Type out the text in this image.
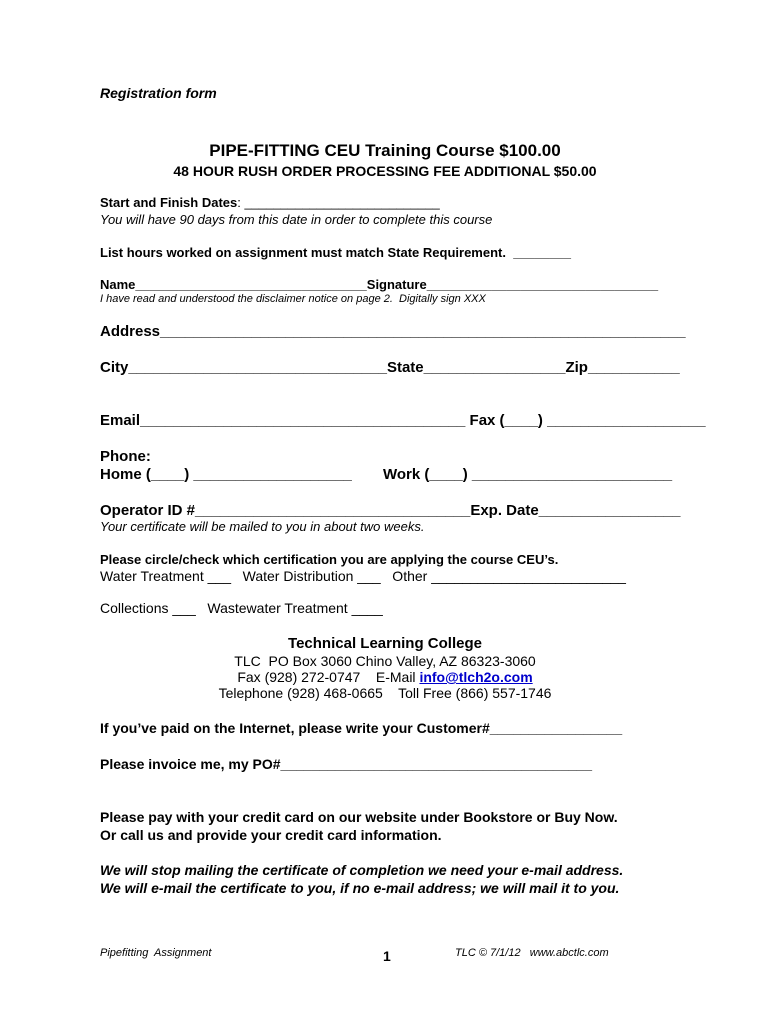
Registration form
PIPE-FITTING CEU Training Course $100.00
48 HOUR RUSH ORDER PROCESSING FEE ADDITIONAL $50.00
Start and Finish Dates: ___________________________
You will have 90 days from this date in order to complete this course
List hours worked on assignment must match State Requirement.  ________
Name________________________________Signature________________________________
I have read and understood the disclaimer notice on page 2.  Digitally sign XXX
Address_______________________________________________________________
City_______________________________State_________________Zip___________
Email_______________________________________ Fax (____) ___________________
Phone:
Home (____) ___________________ Work (____) ________________________
Operator ID #_________________________________Exp. Date_________________
Your certificate will be mailed to you in about two weeks.
Please circle/check which certification you are applying the course CEU’s.
Water Treatment ___   Water Distribution ___   Other _________________________
Collections ___   Wastewater Treatment ____
Technical Learning College
TLC  PO Box 3060 Chino Valley, AZ 86323-3060
Fax (928) 272-0747    E-Mail info@tlch2o.com
Telephone (928) 468-0665    Toll Free (866) 557-1746
If you’ve paid on the Internet, please write your Customer#_________________
Please invoice me, my PO#________________________________________
Please pay with your credit card on our website under Bookstore or Buy Now.
Or call us and provide your credit card information.
We will stop mailing the certificate of completion we need your e-mail address.
We will e-mail the certificate to you, if no e-mail address; we will mail it to you.
Pipefitting  Assignment	1	TLC © 7/1/12   www.abctlc.com
